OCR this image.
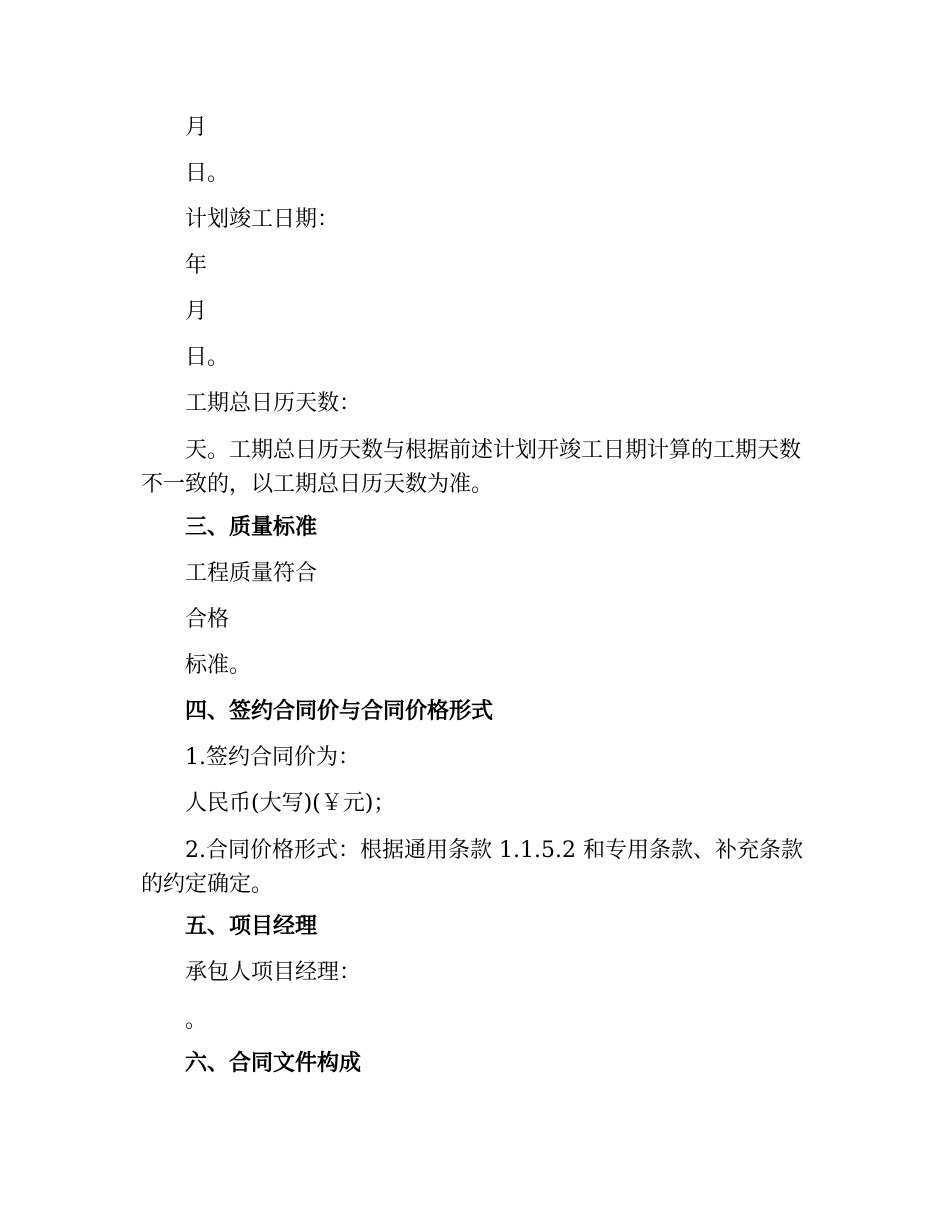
月

日。

计划竣工日期：

年

月

日。

工期总日历天数：

天。工期总日历天数与根据前述计划开竣工日期计算的工期天数不一致的，以工期总日历天数为准。

三、质量标准

工程质量符合

合格

标准。

四、签约合同价与合同价格形式

1.签约合同价为：

人民币(大写)(￥元)；

2.合同价格形式：根据通用条款 1.1.5.2 和专用条款、补充条款的约定确定。

五、项目经理

承包人项目经理：

。

六、合同文件构成
